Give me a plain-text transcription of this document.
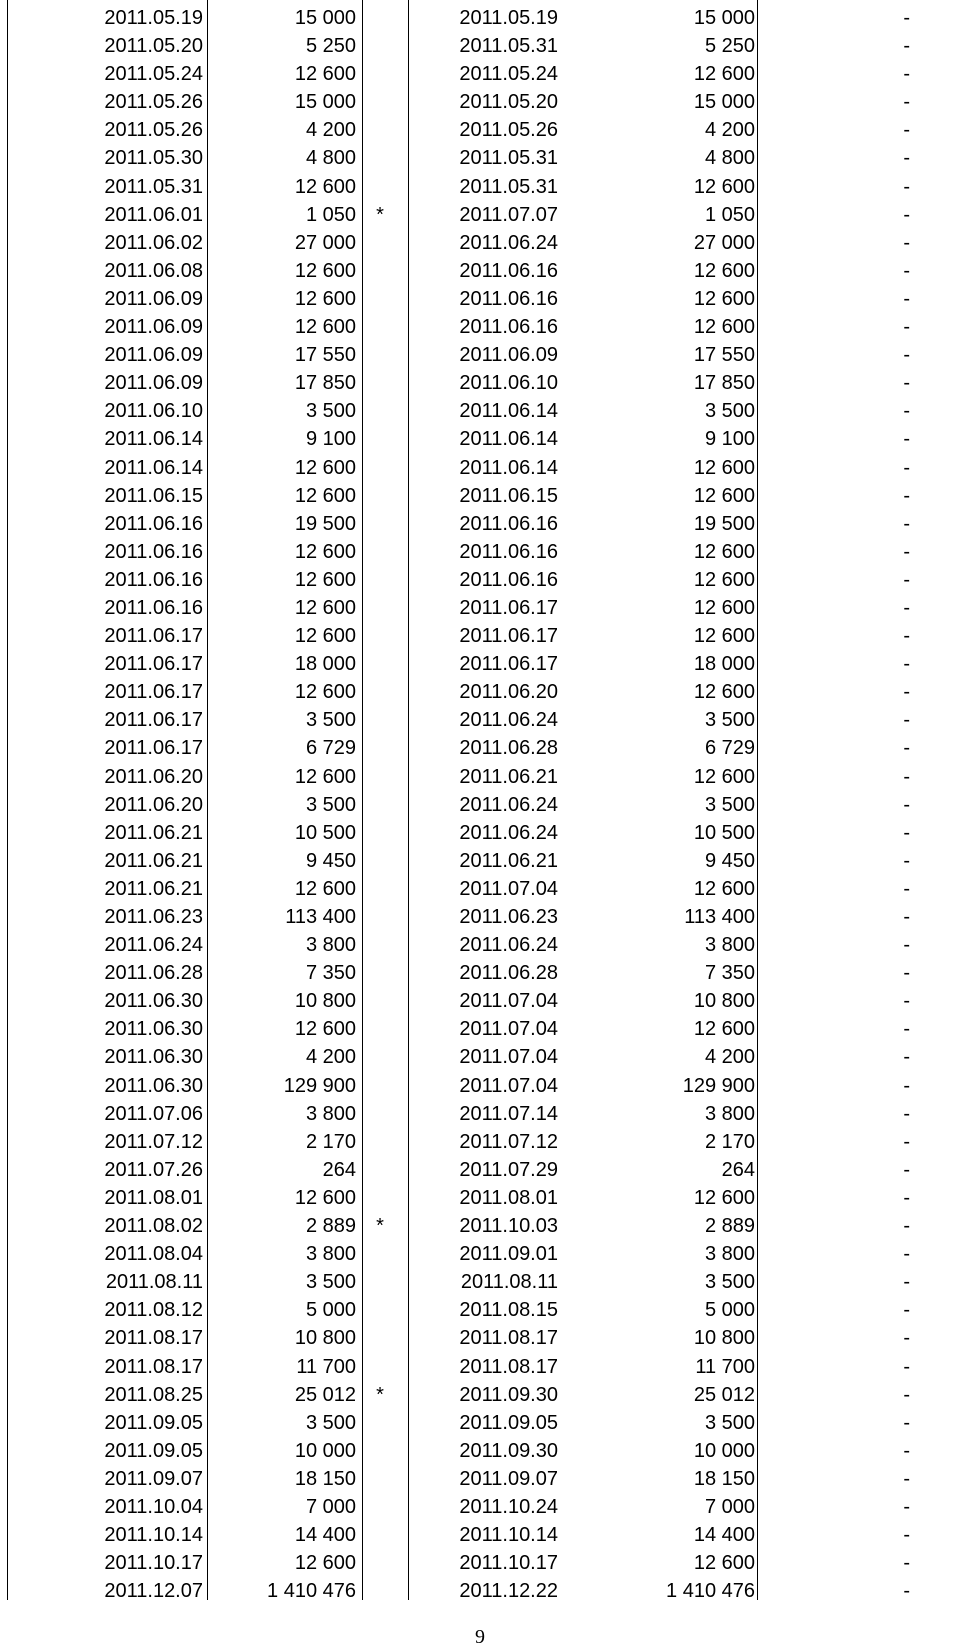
2011.05.19	15 000	2011.05.19	15 000	-
2011.05.20	5 250	2011.05.31	5 250	-
2011.05.24	12 600	2011.05.24	12 600	-
2011.05.26	15 000	2011.05.20	15 000	-
2011.05.26	4 200	2011.05.26	4 200	-
2011.05.30	4 800	2011.05.31	4 800	-
2011.05.31	12 600	2011.05.31	12 600	-
2011.06.01	1 050 *	2011.07.07	1 050	-
2011.06.02	27 000	2011.06.24	27 000	-
2011.06.08	12 600	2011.06.16	12 600	-
2011.06.09	12 600	2011.06.16	12 600	-
2011.06.09	12 600	2011.06.16	12 600	-
2011.06.09	17 550	2011.06.09	17 550	-
2011.06.09	17 850	2011.06.10	17 850	-
2011.06.10	3 500	2011.06.14	3 500	-
2011.06.14	9 100	2011.06.14	9 100	-
2011.06.14	12 600	2011.06.14	12 600	-
2011.06.15	12 600	2011.06.15	12 600	-
2011.06.16	19 500	2011.06.16	19 500	-
2011.06.16	12 600	2011.06.16	12 600	-
2011.06.16	12 600	2011.06.16	12 600	-
2011.06.16	12 600	2011.06.17	12 600	-
2011.06.17	12 600	2011.06.17	12 600	-
2011.06.17	18 000	2011.06.17	18 000	-
2011.06.17	12 600	2011.06.20	12 600	-
2011.06.17	3 500	2011.06.24	3 500	-
2011.06.17	6 729	2011.06.28	6 729	-
2011.06.20	12 600	2011.06.21	12 600	-
2011.06.20	3 500	2011.06.24	3 500	-
2011.06.21	10 500	2011.06.24	10 500	-
2011.06.21	9 450	2011.06.21	9 450	-
2011.06.21	12 600	2011.07.04	12 600	-
2011.06.23	113 400	2011.06.23	113 400	-
2011.06.24	3 800	2011.06.24	3 800	-
2011.06.28	7 350	2011.06.28	7 350	-
2011.06.30	10 800	2011.07.04	10 800	-
2011.06.30	12 600	2011.07.04	12 600	-
2011.06.30	4 200	2011.07.04	4 200	-
2011.06.30	129 900	2011.07.04	129 900	-
2011.07.06	3 800	2011.07.14	3 800	-
2011.07.12	2 170	2011.07.12	2 170	-
2011.07.26	264	2011.07.29	264	-
2011.08.01	12 600	2011.08.01	12 600	-
2011.08.02	2 889 *	2011.10.03	2 889	-
2011.08.04	3 800	2011.09.01	3 800	-
2011.08.11	3 500	2011.08.11	3 500	-
2011.08.12	5 000	2011.08.15	5 000	-
2011.08.17	10 800	2011.08.17	10 800	-
2011.08.17	11 700	2011.08.17	11 700	-
2011.08.25	25 012 *	2011.09.30	25 012	-
2011.09.05	3 500	2011.09.05	3 500	-
2011.09.05	10 000	2011.09.30	10 000	-
2011.09.07	18 150	2011.09.07	18 150	-
2011.10.04	7 000	2011.10.24	7 000	-
2011.10.14	14 400	2011.10.14	14 400	-
2011.10.17	12 600	2011.10.17	12 600	-
2011.12.07	1 410 476	2011.12.22	1 410 476	-
9
